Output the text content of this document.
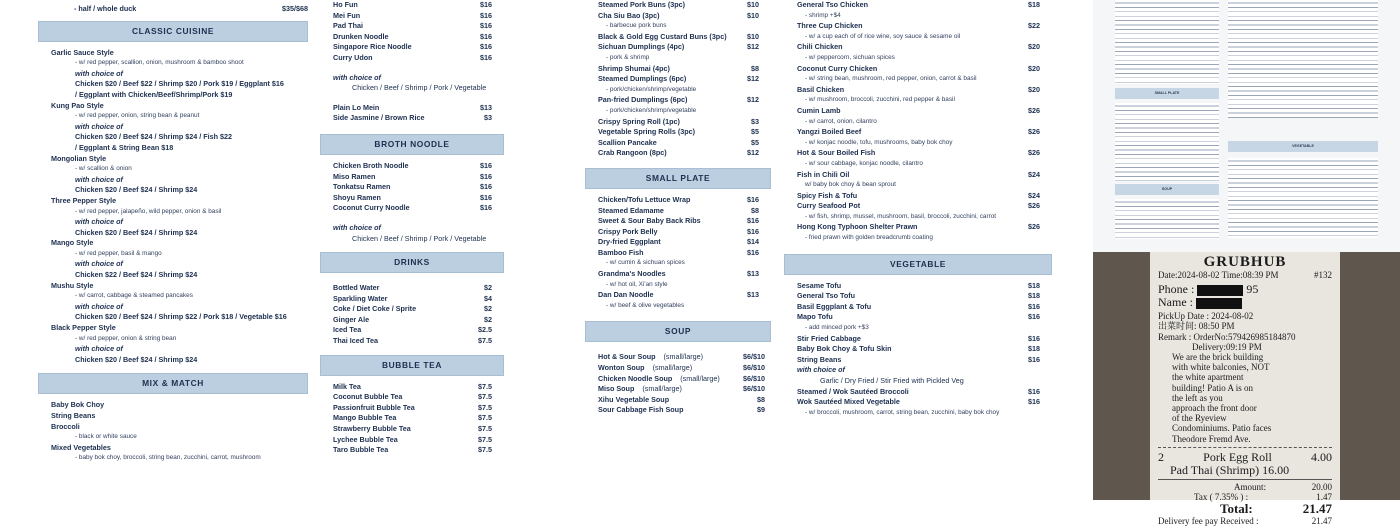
- half / whole duck	$35/$68
CLASSIC CUISINE
Garlic Sauce Style
- w/ red pepper, scallion, onion, mushroom & bamboo shoot
with choice of
Chicken $20 / Beef $22 / Shrimp $20 / Pork $19 / Eggplant $16
/ Eggplant with Chicken/Beef/Shrimp/Pork $19
Kung Pao Style
- w/ red pepper, onion, string bean & peanut
with choice of
Chicken $20 / Beef $24 / Shrimp $24 / Fish $22
/ Eggplant & String Bean $18
Mongolian Style
- w/ scallion & onion
with choice of
Chicken $20 / Beef $24 / Shrimp $24
Three Pepper Style
- w/ red pepper, jalapeño, wild pepper, onion & basil
with choice of
Chicken $20 / Beef $24 / Shrimp $24
Mango Style
- w/ red pepper, basil & mango
with choice of
Chicken $22 / Beef $24 / Shrimp $24
Mushu Style
- w/ carrot, cabbage & steamed pancakes
with choice of
Chicken $20 / Beef $24 / Shrimp $22 / Pork $18 / Vegetable $16
Black Pepper Style
- w/ red pepper, onion & string bean
with choice of
Chicken $20 / Beef $24 / Shrimp $24
MIX & MATCH
Baby Bok Choy
String Beans
Broccoli
- black or white sauce
Mixed Vegetables
- baby bok choy, broccoli, string bean, zucchini, carrot, mushroom
Ho Fun	$16
Mei Fun	$16
Pad Thai	$16
Drunken Noodle	$16
Singapore Rice Noodle	$16
Curry Udon	$16
with choice of
Chicken / Beef / Shrimp / Pork / Vegetable
Plain Lo Mein	$13
Side Jasmine / Brown Rice	$3
BROTH NOODLE
Chicken Broth Noodle	$16
Miso Ramen	$16
Tonkatsu Ramen	$16
Shoyu Ramen	$16
Coconut Curry Noodle	$16
with choice of
Chicken / Beef / Shrimp / Pork / Vegetable
DRINKS
Bottled Water	$2
Sparkling Water	$4
Coke / Diet Coke / Sprite	$2
Ginger Ale	$2
Iced Tea	$2.5
Thai Iced Tea	$7.5
BUBBLE TEA
Milk Tea	$7.5
Coconut Bubble Tea	$7.5
Passionfruit Bubble Tea	$7.5
Mango Bubble Tea	$7.5
Strawberry Bubble Tea	$7.5
Lychee Bubble Tea	$7.5
Taro Bubble Tea	$7.5
Steamed Pork Buns (3pc)	$10
Cha Siu Bao (3pc)	$10
- barbecue pork buns
Black & Gold Egg Custard Buns (3pc)	$10
Sichuan Dumplings (4pc)	$12
- pork & shrimp
Shrimp Shumai (4pc)	$8
Steamed Dumplings (6pc)	$12
- pork/chicken/shrimp/vegetable
Pan-fried Dumplings (6pc)	$12
- pork/chicken/shrimp/vegetable
Crispy Spring Roll (1pc)	$3
Vegetable Spring Rolls (3pc)	$5
Scallion Pancake	$5
Crab Rangoon (8pc)	$12
SMALL PLATE
Chicken/Tofu Lettuce Wrap	$16
Steamed Edamame	$8
Sweet & Sour Baby Back Ribs	$16
Crispy Pork Belly	$16
Dry-fried Eggplant	$14
Bamboo Fish	$16
- w/ cumin & sichuan spices
Grandma's Noodles	$13
- w/ hot oil, Xi'an style
Dan Dan Noodle	$13
- w/ beef & olive vegetables
SOUP
Hot & Sour Soup	(small/large)	$6/$10
Wonton Soup	(small/large)	$6/$10
Chicken Noodle Soup	(small/large)	$6/$10
Miso Soup	(small/large)	$6/$10
Xihu Vegetable Soup	$8
Sour Cabbage Fish Soup	$9
General Tso Chicken	$18
- shrimp +$4
Three Cup Chicken	$22
- w/ a cup each of of rice wine, soy sauce & sesame oil
Chili Chicken	$20
- w/ peppercorn, sichuan spices
Coconut Curry Chicken	$20
- w/ string bean, mushroom, red pepper, onion, carrot & basil
Basil Chicken	$20
- w/ mushroom, broccoli, zucchini, red pepper & basil
Cumin Lamb	$26
- w/ carrot, onion, cilantro
Yangzi Boiled Beef	$26
- w/ konjac noodle, tofu, mushrooms, baby bok choy
Hot & Sour Boiled Fish	$26
- w/ sour cabbage, konjac noodle, cilantro
Fish in Chili Oil	$24
w/ baby bok choy & bean sprout
Spicy Fish & Tofu	$24
Curry Seafood Pot	$26
- w/ fish, shrimp, mussel, mushroom, basil, broccoli, zucchini, carrot
Hong Kong Typhoon Shelter Prawn	$26
- fried prawn with golden breadcrumb coating
VEGETABLE
Sesame Tofu	$18
General Tso Tofu	$18
Basil Eggplant & Tofu	$16
Mapo Tofu	$16
- add minced pork +$3
Stir Fried Cabbage	$16
Baby Bok Choy & Tofu Skin	$18
String Beans	$16
with choice of
Garlic / Dry Fried / Stir Fried with Pickled Veg
Steamed / Wok Sautéed Broccoli	$16
Wok Sautéed Mixed Vegetable	$16
- w/ broccoli, mushroom, carrot, string bean, zucchini, baby bok choy
SMALL PLATE
VEGETABLE
SOUP
GRUBHUB
Date:2024-08-02 Time:08:39 PM	#132
Phone :	95
Name :
PickUp Date : 2024-08-02
出菜时间: 08:50 PM
Remark : OrderNo:579426985184870
Delivery:09:19 PM
We are the brick building
with white balconies, NOT
the white apartment
building! Patio A is on
the left as you
approach the front door
of the Ryeview
Condominiums. Patio faces
Theodore Fremd Ave.
2	Pork Egg Roll	4.00
Pad Thai (Shrimp) 16.00
Amount:	20.00
Tax ( 7.35% ) :	1.47
Total:	21.47
Delivery fee pay Received :	21.47
